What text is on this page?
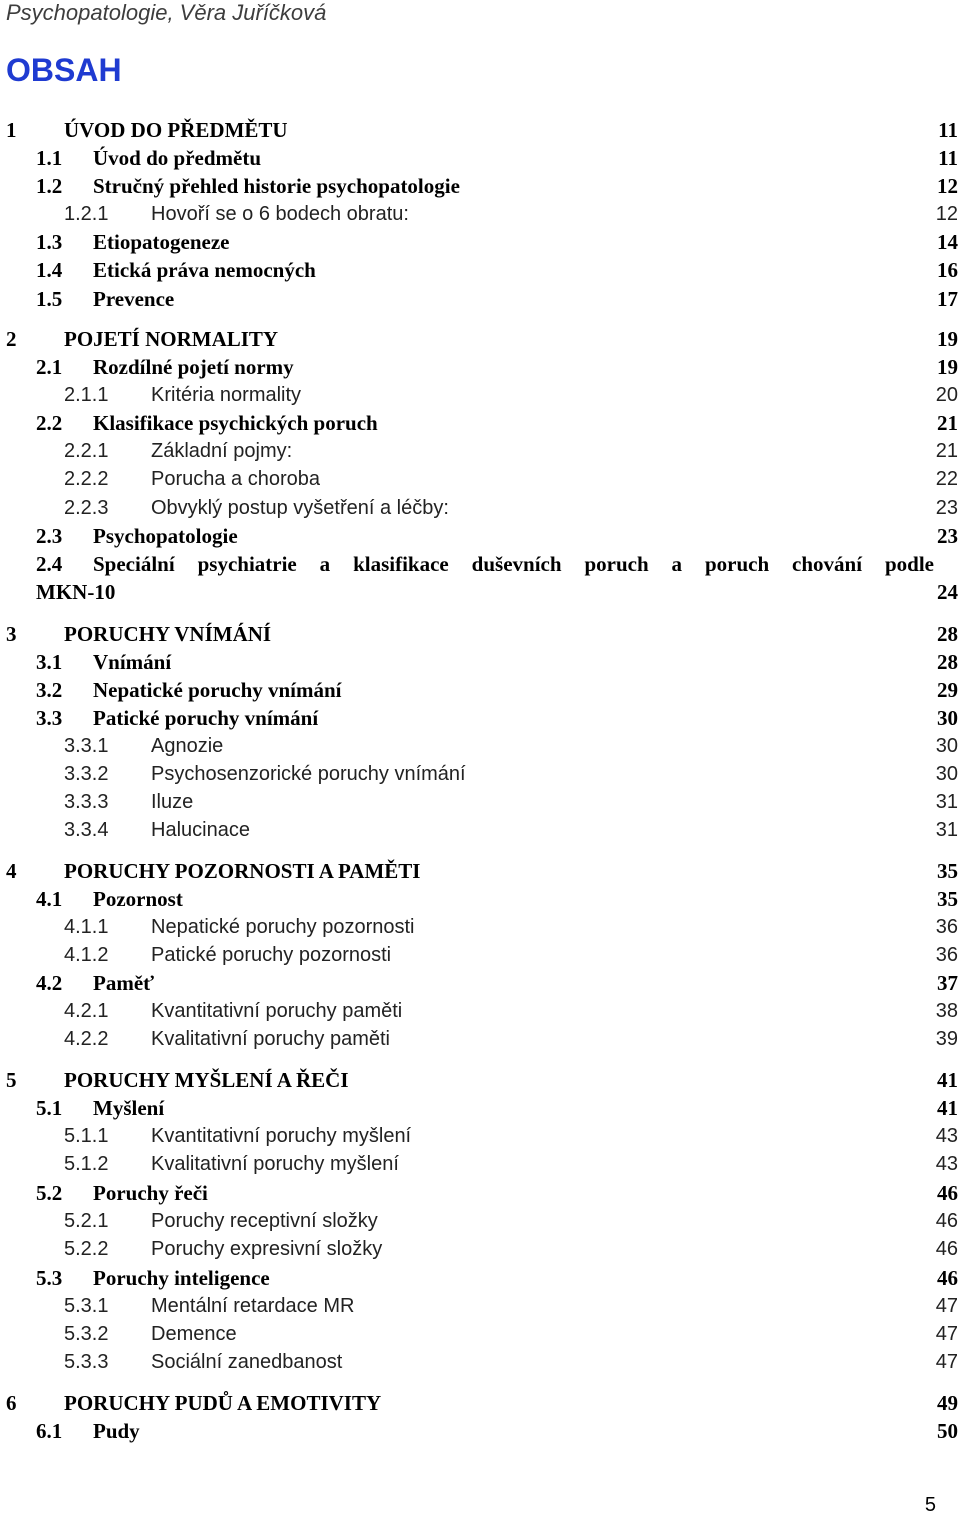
Psychopatologie, Věra Juříčková
OBSAH
1 ÚVOD DO PŘEDMĚTU	11
1.1 Úvod do předmětu	11
1.2 Stručný přehled historie psychopatologie	12
1.2.1 Hovoří se o 6 bodech obratu:	12
1.3 Etiopatogeneze	14
1.4 Etická práva nemocných	16
1.5 Prevence	17
2 POJETÍ NORMALITY	19
2.1 Rozdílné pojetí normy	19
2.1.1 Kritéria normality	20
2.2 Klasifikace psychických poruch	21
2.2.1 Základní pojmy:	21
2.2.2 Porucha a choroba	22
2.2.3 Obvyklý postup vyšetření a léčby:	23
2.3 Psychopatologie	23
2.4 Speciální psychiatrie a klasifikace duševních poruch a poruch chování podle
MKN-10	24
3 PORUCHY VNÍMÁNÍ	28
3.1 Vnímání	28
3.2 Nepatické poruchy vnímání	29
3.3 Patické poruchy vnímání	30
3.3.1 Agnozie	30
3.3.2 Psychosenzorické poruchy vnímání	30
3.3.3 Iluze	31
3.3.4 Halucinace	31
4 PORUCHY POZORNOSTI A PAMĚTI	35
4.1 Pozornost	35
4.1.1 Nepatické poruchy pozornosti	36
4.1.2 Patické poruchy pozornosti	36
4.2 Paměť	37
4.2.1 Kvantitativní poruchy paměti	38
4.2.2 Kvalitativní poruchy paměti	39
5 PORUCHY MYŠLENÍ A ŘEČI	41
5.1 Myšlení	41
5.1.1 Kvantitativní poruchy myšlení	43
5.1.2 Kvalitativní poruchy myšlení	43
5.2 Poruchy řeči	46
5.2.1 Poruchy receptivní složky	46
5.2.2 Poruchy expresivní složky	46
5.3 Poruchy inteligence	46
5.3.1 Mentální retardace MR	47
5.3.2 Demence	47
5.3.3 Sociální zanedbanost	47
6 PORUCHY PUDŮ A EMOTIVITY	49
6.1 Pudy	50
5
